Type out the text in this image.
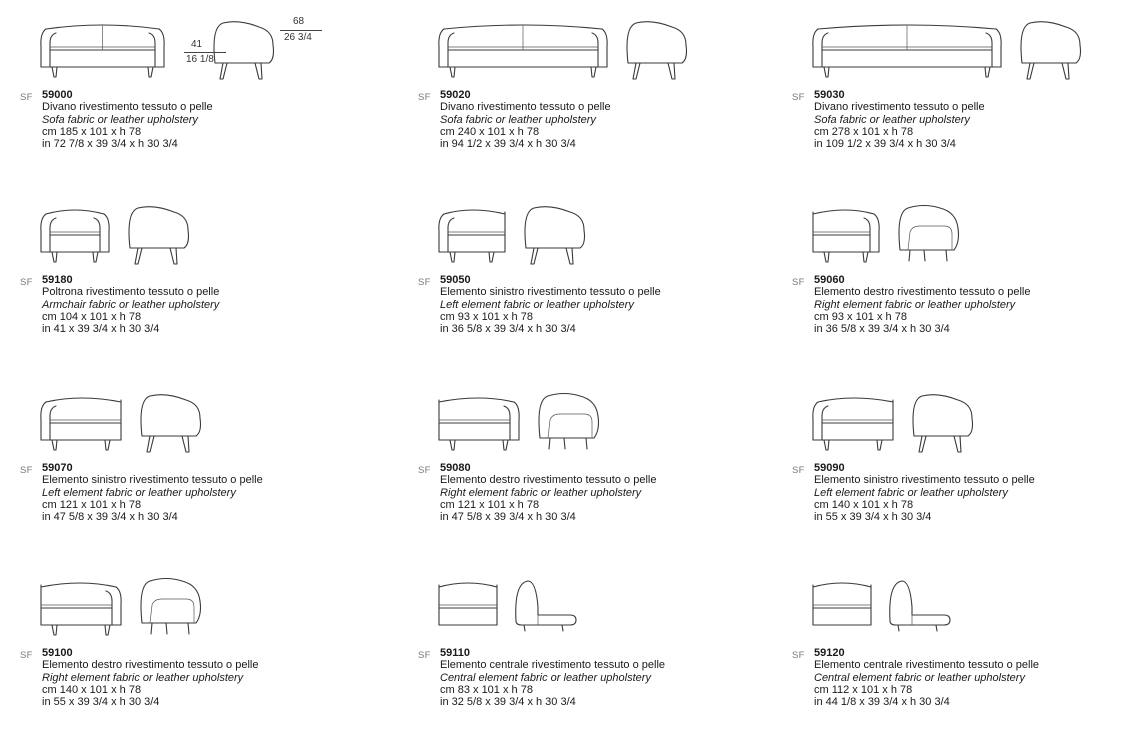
SF 59000
Divano rivestimento tessuto o pelle
Sofa fabric or leather upholstery
cm 185 x 101 x h 78
in 72 7/8 x 39 3/4 x h 30 3/4
41
16 1/8
68
26 3/4
SF 59020
Divano rivestimento tessuto o pelle
Sofa fabric or leather upholstery
cm 240 x 101 x h 78
in 94 1/2 x 39 3/4 x h 30 3/4
SF 59030
Divano rivestimento tessuto o pelle
Sofa fabric or leather upholstery
cm 278 x 101 x h 78
in 109 1/2 x 39 3/4 x h 30 3/4
SF 59180
Poltrona rivestimento tessuto o pelle
Armchair fabric or leather upholstery
cm 104 x 101 x h 78
in 41 x 39 3/4 x h 30 3/4
SF 59050
Elemento sinistro rivestimento tessuto o pelle
Left element fabric or leather upholstery
cm 93 x 101 x h 78
in 36 5/8 x 39 3/4 x h 30 3/4
SF 59060
Elemento destro rivestimento tessuto o pelle
Right element fabric or leather upholstery
cm 93 x 101 x h 78
in 36 5/8 x 39 3/4 x h 30 3/4
SF 59070
Elemento sinistro rivestimento tessuto o pelle
Left element fabric or leather upholstery
cm 121 x 101 x h 78
in 47 5/8 x 39 3/4 x h 30 3/4
SF 59080
Elemento destro rivestimento tessuto o pelle
Right element fabric or leather upholstery
cm 121 x 101 x h 78
in 47 5/8 x 39 3/4 x h 30 3/4
SF 59090
Elemento sinistro rivestimento tessuto o pelle
Left element fabric or leather upholstery
cm 140 x 101 x h 78
in 55 x 39 3/4 x h 30 3/4
SF 59100
Elemento destro rivestimento tessuto o pelle
Right element fabric or leather upholstery
cm 140 x 101 x h 78
in 55 x 39 3/4 x h 30 3/4
SF 59110
Elemento centrale rivestimento tessuto o pelle
Central element fabric or leather upholstery
cm 83 x 101 x h 78
in 32 5/8 x 39 3/4 x h 30 3/4
SF 59120
Elemento centrale rivestimento tessuto o pelle
Central element fabric or leather upholstery
cm 112 x 101 x h 78
in 44 1/8 x 39 3/4 x h 30 3/4
